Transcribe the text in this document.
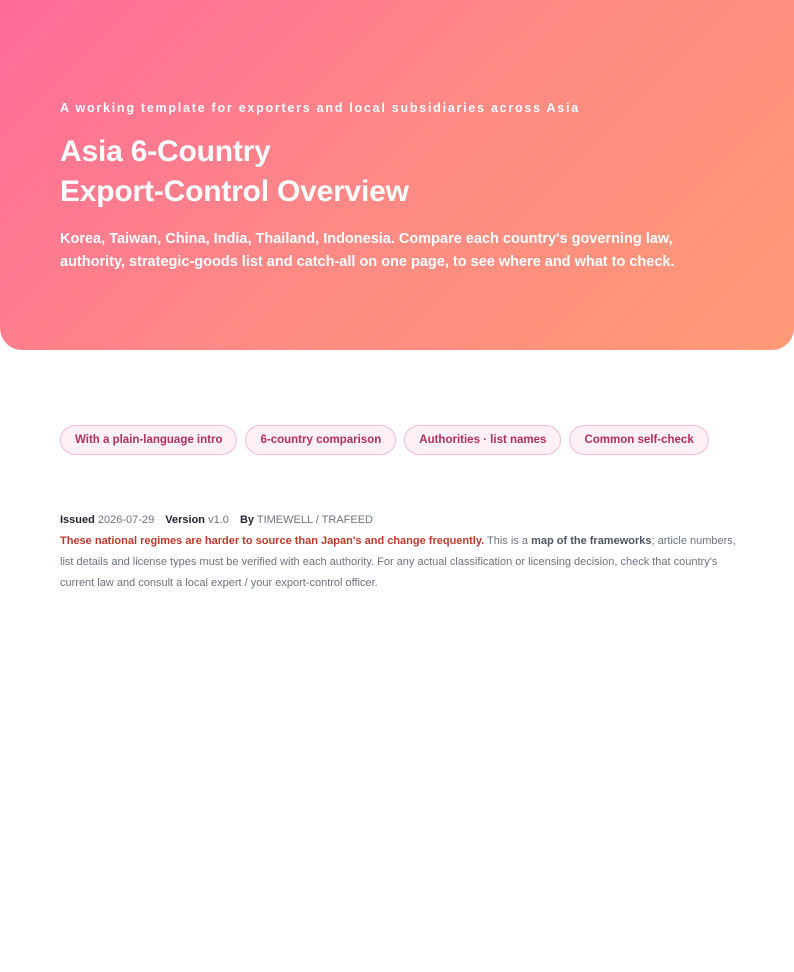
A working template for exporters and local subsidiaries across Asia
Asia 6-Country
Export-Control Overview

Korea, Taiwan, China, India, Thailand, Indonesia. Compare each country's governing law, authority, strategic-goods list and catch-all on one page, to see where and what to check.

With a plain-language intro	6-country comparison	Authorities · list names	Common self-check
Issued 2026-07-29 Version v1.0 By TIMEWELL / TRAFEED

These national regimes are harder to source than Japan's and change frequently. This is a map of the frameworks; article numbers, list details and license types must be verified with each authority. For any actual classification or licensing decision, check that country's current law and consult a local expert / your export-control officer.
